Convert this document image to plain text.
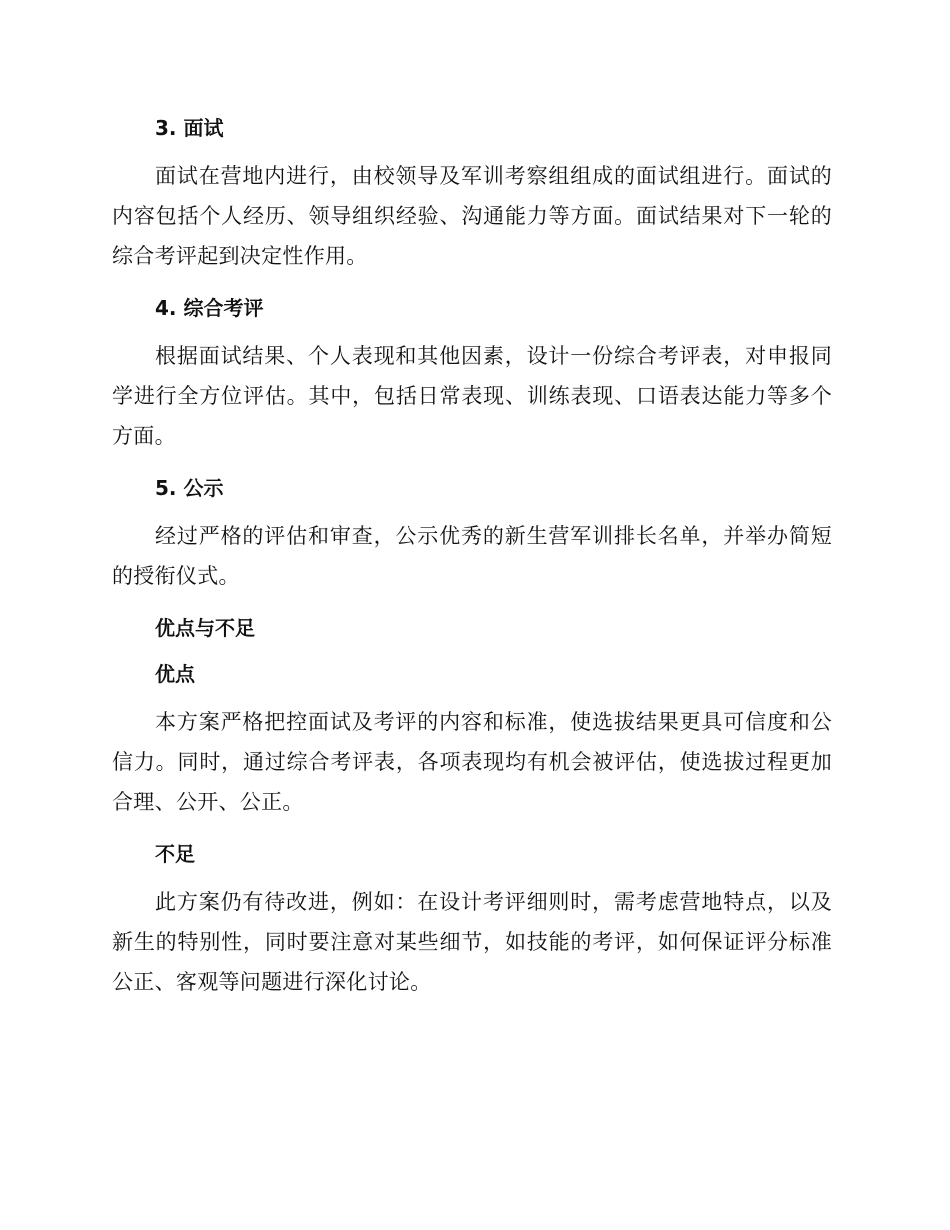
3. 面试

面试在营地内进行，由校领导及军训考察组组成的面试组进行。面试的内容包括个人经历、领导组织经验、沟通能力等方面。面试结果对下一轮的综合考评起到决定性作用。

4. 综合考评

根据面试结果、个人表现和其他因素，设计一份综合考评表，对申报同学进行全方位评估。其中，包括日常表现、训练表现、口语表达能力等多个方面。

5. 公示

经过严格的评估和审查，公示优秀的新生营军训排长名单，并举办简短的授衔仪式。

优点与不足
优点

本方案严格把控面试及考评的内容和标准，使选拔结果更具可信度和公信力。同时，通过综合考评表，各项表现均有机会被评估，使选拔过程更加合理、公开、公正。

不足

此方案仍有待改进，例如：在设计考评细则时，需考虑营地特点，以及新生的特别性，同时要注意对某些细节，如技能的考评，如何保证评分标准公正、客观等问题进行深化讨论。
